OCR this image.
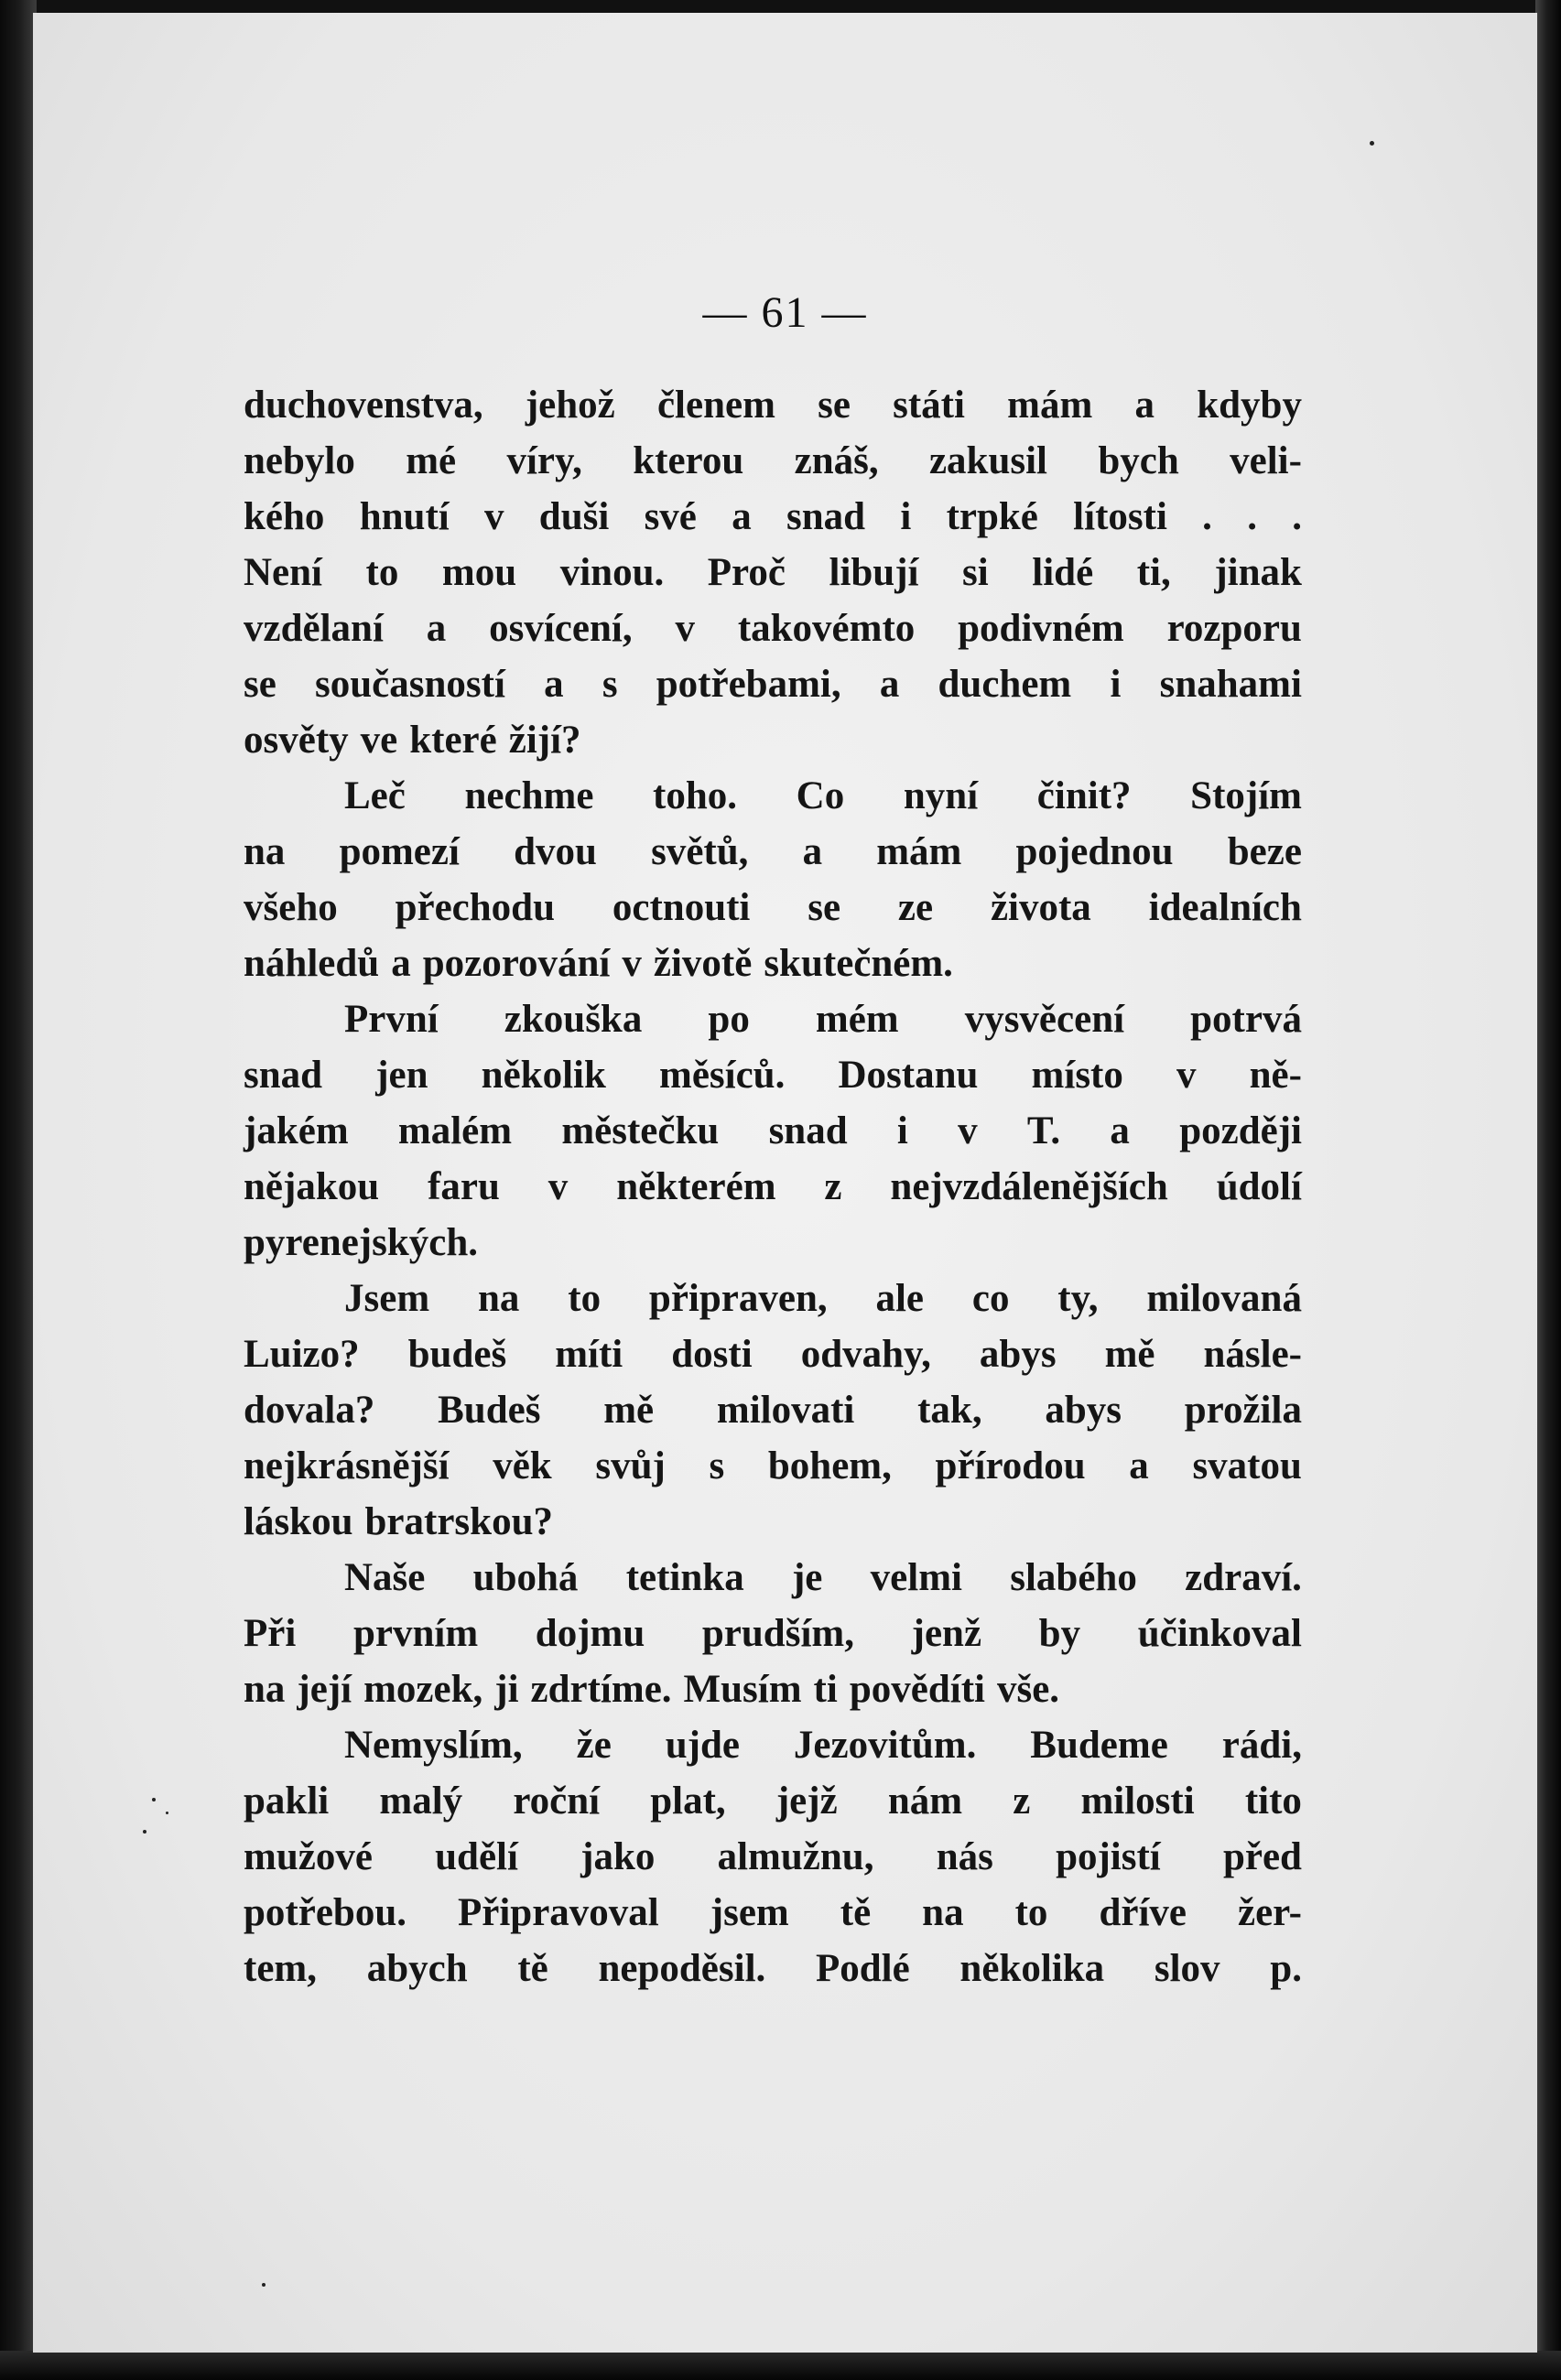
— 61 —
duchovenstva, jehož členem se státi mám a kdyby
nebylo mé víry, kterou znáš, zakusil bych veli-
kého hnutí v duši své a snad i trpké lítosti . . .
Není to mou vinou. Proč libují si lidé ti, jinak
vzdělaní a osvícení, v takovémto podivném rozporu
se současností a s potřebami, a duchem i snahami
osvěty ve které žijí?
Leč nechme toho. Co nyní činit? Stojím
na pomezí dvou světů, a mám pojednou beze
všeho přechodu octnouti se ze života idealních
náhledů a pozorování v životě skutečném.
První zkouška po mém vysvěcení potrvá
snad jen několik měsíců. Dostanu místo v ně-
jakém malém městečku snad i v T. a později
nějakou faru v některém z nejvzdálenějších údolí
pyrenejských.
Jsem na to připraven, ale co ty, milovaná
Luizo? budeš míti dosti odvahy, abys mě násle-
dovala? Budeš mě milovati tak, abys prožila
nejkrásnější věk svůj s bohem, přírodou a svatou
láskou bratrskou?
Naše ubohá tetinka je velmi slabého zdraví.
Při prvním dojmu prudším, jenž by účinkoval
na její mozek, ji zdrtíme. Musím ti povědíti vše.
Nemyslím, že ujde Jezovitům. Budeme rádi,
pakli malý roční plat, jejž nám z milosti tito
mužové udělí jako almužnu, nás pojistí před
potřebou. Připravoval jsem tě na to dříve žer-
tem, abych tě nepoděsil. Podlé několika slov p.
